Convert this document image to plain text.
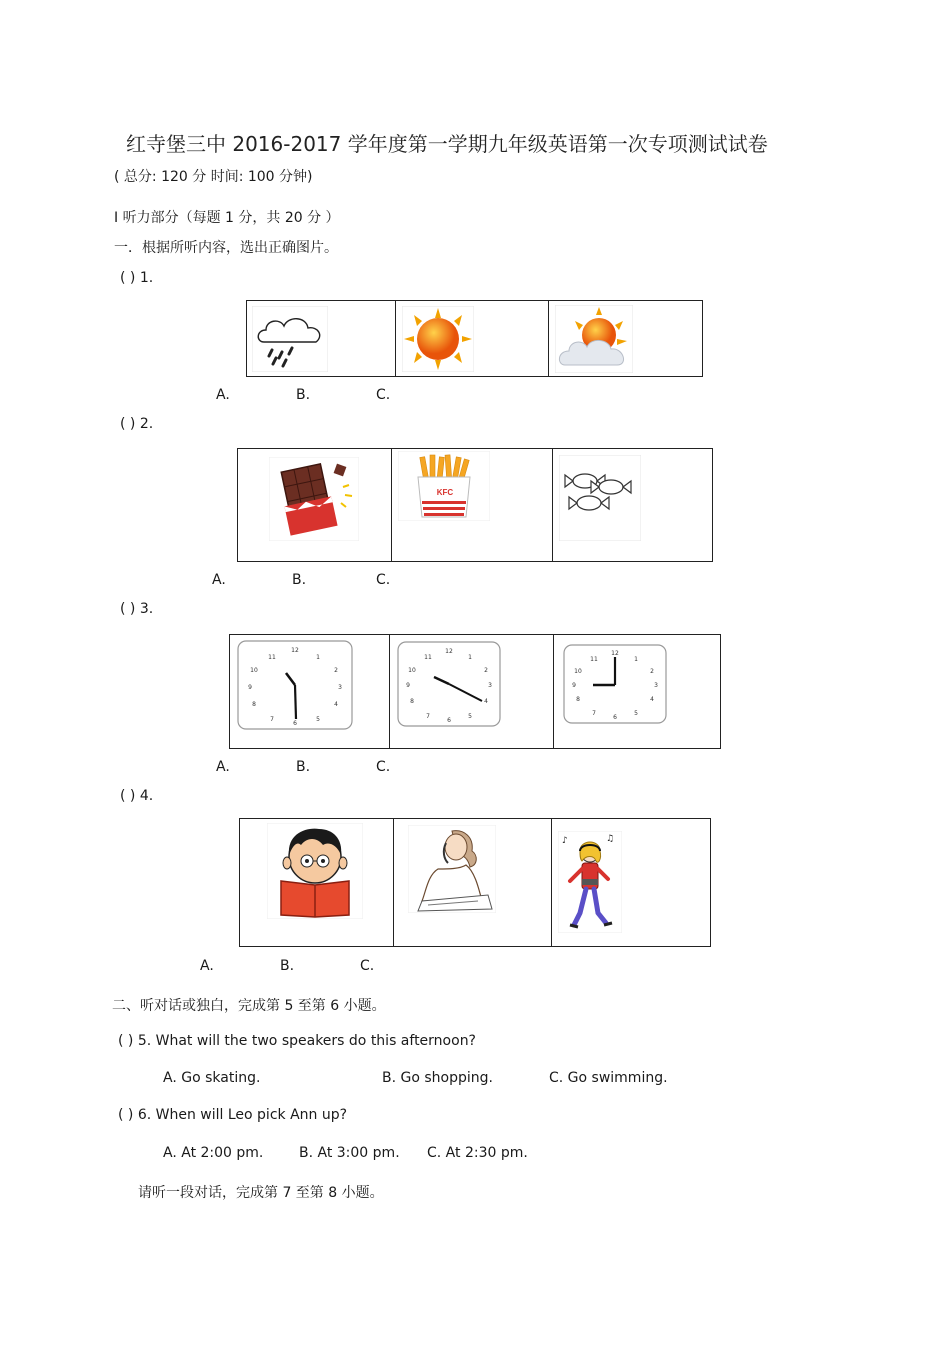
红寺堡三中 2016-2017 学年度第一学期九年级英语第一次专项测试试卷
( 总分: 120 分 时间: 100 分钟)
I 听力部分（每题 1 分，共 20 分 ）
一．根据所听内容，选出正确图片。
( ) 1.
A.	B.	C.
( ) 2.
KFC
A.	B.	C.
( ) 3.
12
1
2
3
4
5
6
7
8
9
10
11
12
1
2
3
4
5
6
7
8
9
10
11
12
1
2
3
4
5
6
7
8
9
10
11
A.	B.	C.
( ) 4.
♪	♫
A.	B.	C.
二、听对话或独白，完成第 5 至第 6 小题。
( ) 5. What will the two speakers do this afternoon?
A. Go skating.	B. Go shopping.	C. Go swimming.
( ) 6. When will Leo pick Ann up?
A. At 2:00 pm.	B. At 3:00 pm. C. At 2:30 pm.
请听一段对话，完成第 7 至第 8 小题。
